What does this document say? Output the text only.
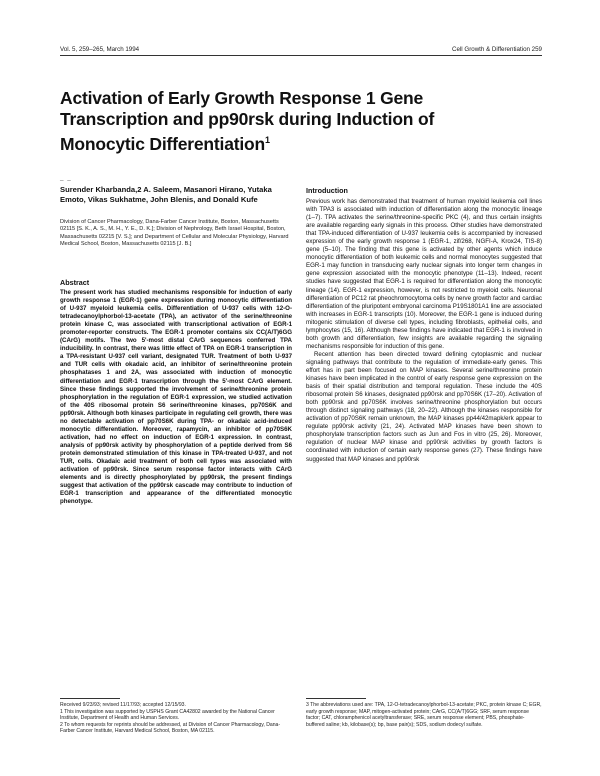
Vol. 5, 259–265, March 1994	Cell Growth & Differentiation 259
Activation of Early Growth Response 1 Gene Transcription and pp90rsk during Induction of Monocytic Differentiation$^1$
– –
Surender Kharbanda,2 A. Saleem, Masanori Hirano, Yutaka Emoto, Vikas Sukhatme, John Blenis, and Donald Kufe
Division of Cancer Pharmacology, Dana-Farber Cancer Institute, Boston, Massachusetts 02115 [S. K., A. S., M. H., Y. E., D. K.]; Division of Nephrology, Beth Israel Hospital, Boston, Massachusetts 02215 [V. S.]; and Department of Cellular and Molecular Physiology, Harvard Medical School, Boston, Massachusetts 02115 [J. B.]
Abstract
The present work has studied mechanisms responsible for induction of early growth response 1 (EGR-1) gene expression during monocytic differentiation of U-937 myeloid leukemia cells. Differentiation of U-937 cells with 12-O-tetradecanoylphorbol-13-acetate (TPA), an activator of the serine/threonine protein kinase C, was associated with transcriptional activation of EGR-1 promoter-reporter constructs. The EGR-1 promoter contains six CC(A/T)6GG (CArG) motifs. The two 5'-most distal CArG sequences conferred TPA inducibility. In contrast, there was little effect of TPA on EGR-1 transcription in a TPA-resistant U-937 cell variant, designated TUR. Treatment of both U-937 and TUR cells with okadaic acid, an inhibitor of serine/threonine protein phosphatases 1 and 2A, was associated with induction of monocytic differentiation and EGR-1 transcription through the 5'-most CArG element. Since these findings supported the involvement of serine/threonine protein phosphorylation in the regulation of EGR-1 expression, we studied activation of the 40S ribosomal protein S6 serine/threonine kinases, pp70S6K and pp90rsk. Although both kinases participate in regulating cell growth, there was no detectable activation of pp70S6K during TPA- or okadaic acid-induced monocytic differentiation. Moreover, rapamycin, an inhibitor of pp70S6K activation, had no effect on induction of EGR-1 expression. In contrast, analysis of pp90rsk activity by phosphorylation of a peptide derived from S6 protein demonstrated stimulation of this kinase in TPA-treated U-937, and not TUR, cells. Okadaic acid treatment of both cell types was associated with activation of pp90rsk. Since serum response factor interacts with CArG elements and is directly phosphorylated by pp90rsk, the present findings suggest that activation of the pp90rsk cascade may contribute to induction of EGR-1 transcription and appearance of the differentiated monocytic phenotype.
Introduction

Previous work has demonstrated that treatment of human myeloid leukemia cell lines with TPA3 is associated with induction of differentiation along the monocytic lineage (1–7). TPA activates the serine/threonine-specific PKC (4), and thus certain insights are available regarding early signals in this process. Other studies have demonstrated that TPA-induced differentiation of U-937 leukemia cells is accompanied by increased expression of the early growth response 1 (EGR-1, zif/268, NGFI-A, Krox24, TIS-8) gene (5–10). The finding that this gene is activated by other agents which induce monocytic differentiation of both leukemic cells and normal monocytes suggested that EGR-1 may function in transducing early nuclear signals into longer term changes in gene expression associated with the monocytic phenotype (11–13). Indeed, recent studies have suggested that EGR-1 is required for differentiation along the monocytic lineage (14). EGR-1 expression, however, is not restricted to myeloid cells. Neuronal differentiation of PC12 rat pheochromocytoma cells by nerve growth factor and cardiac differentiation of the pluripotent embryonal carcinoma P19S1801A1 line are associated with increases in EGR-1 transcripts (10). Moreover, the EGR-1 gene is induced during mitogenic stimulation of diverse cell types, including fibroblasts, epithelial cells, and lymphocytes (15, 16). Although these findings have indicated that EGR-1 is involved in both growth and differentiation, few insights are available regarding the signaling mechanisms responsible for induction of this gene.

Recent attention has been directed toward defining cytoplasmic and nuclear signaling pathways that contribute to the regulation of immediate-early genes. This effort has in part been focused on MAP kinases. Several serine/threonine protein kinases have been implicated in the control of early response gene expression on the basis of their spatial distribution and temporal regulation. These include the 40S ribosomal protein S6 kinases, designated pp90rsk and pp70S6K (17–20). Activation of both pp90rsk and pp70S6K involves serine/threonine phosphorylation but occurs through distinct signaling pathways (18, 20–22). Although the kinases responsible for activation of pp70S6K remain unknown, the MAP kinases pp44/42mapk/erk appear to regulate pp90rsk activity (21, 24). Activated MAP kinases have been shown to phosphorylate transcription factors such as Jun and Fos in vitro (25, 26). Moreover, regulation of nuclear MAP kinase and pp90rsk activities by growth factors is coordinated with induction of certain early response genes (27). These findings have suggested that MAP kinases and pp90rsk

Received 9/23/93; revised 11/17/93; accepted 12/15/93.
1 This investigation was supported by USPHS Grant CA42802 awarded by the National Cancer Institute, Department of Health and Human Services.
2 To whom requests for reprints should be addressed, at Division of Cancer Pharmacology, Dana-Farber Cancer Institute, Harvard Medical School, Boston, MA 02115.
3 The abbreviations used are: TPA, 12-O-tetradecanoylphorbol-13-acetate; PKC, protein kinase C; EGR, early growth response; MAP, mitogen-activated protein; CArG, CC(A/T)6GG; SRF, serum response factor; CAT, chloramphenicol acetyltransferase; SRE, serum response element; PBS, phosphate-buffered saline; kb, kilobase(s); bp, base pair(s); SDS, sodium dodecyl sulfate.
